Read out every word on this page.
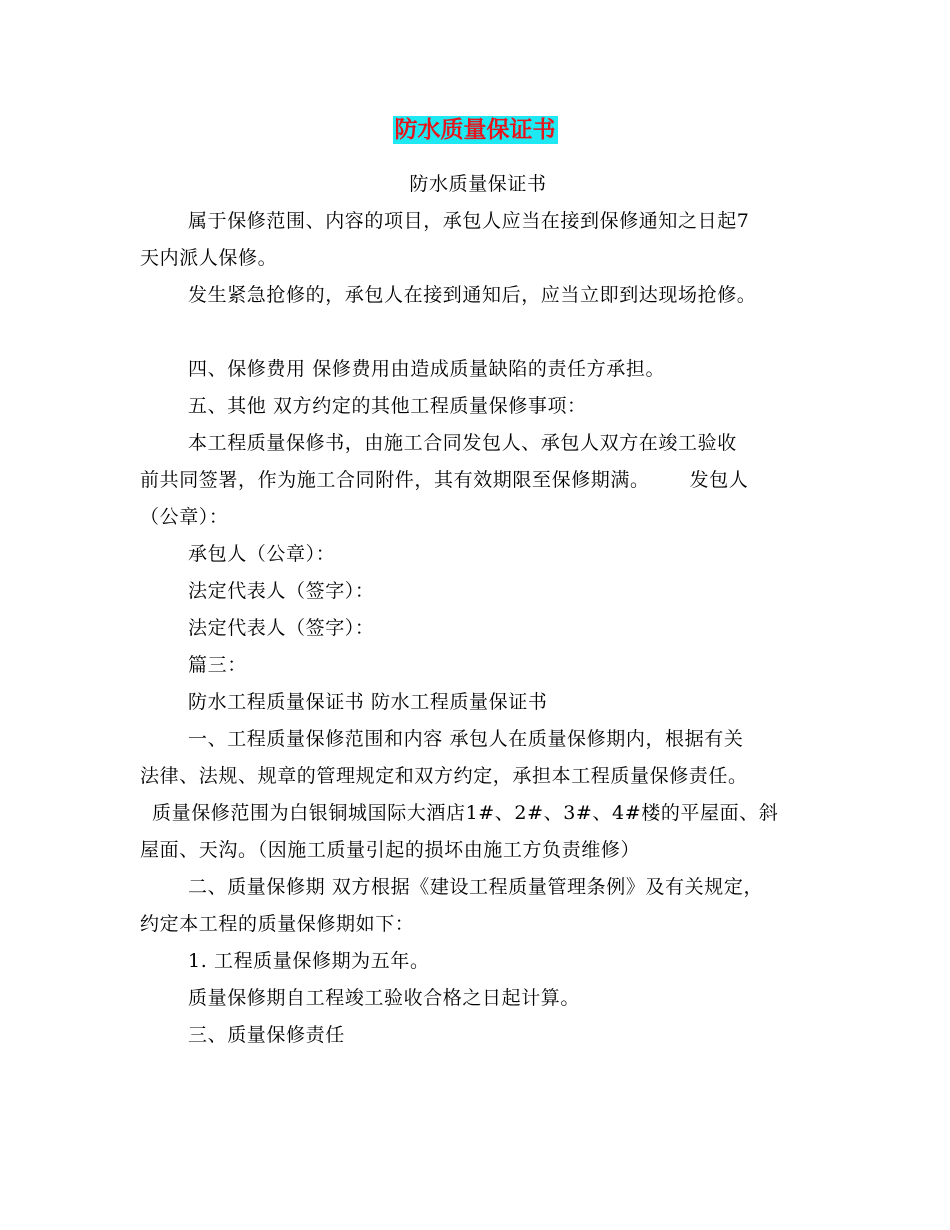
防水质量保证书
防水质量保证书
属于保修范围、内容的项目，承包人应当在接到保修通知之日起7
天内派人保修。
发生紧急抢修的，承包人在接到通知后，应当立即到达现场抢修。
四、保修费用 保修费用由造成质量缺陷的责任方承担。
五、其他 双方约定的其他工程质量保修事项：
本工程质量保修书，由施工合同发包人、承包人双方在竣工验收
前共同签署，作为施工合同附件，其有效期限至保修期满。 发包人
（公章）：
承包人（公章）：
法定代表人（签字）：
法定代表人（签字）：
篇三：
防水工程质量保证书 防水工程质量保证书
一、工程质量保修范围和内容 承包人在质量保修期内，根据有关
法律、法规、规章的管理规定和双方约定，承担本工程质量保修责任。
质量保修范围为白银铜城国际大酒店1#、2#、3#、4#楼的平屋面、斜
屋面、天沟。（因施工质量引起的损坏由施工方负责维修）
二、质量保修期 双方根据《建设工程质量管理条例》及有关规定，
约定本工程的质量保修期如下：
1. 工程质量保修期为五年。
质量保修期自工程竣工验收合格之日起计算。
三、质量保修责任
